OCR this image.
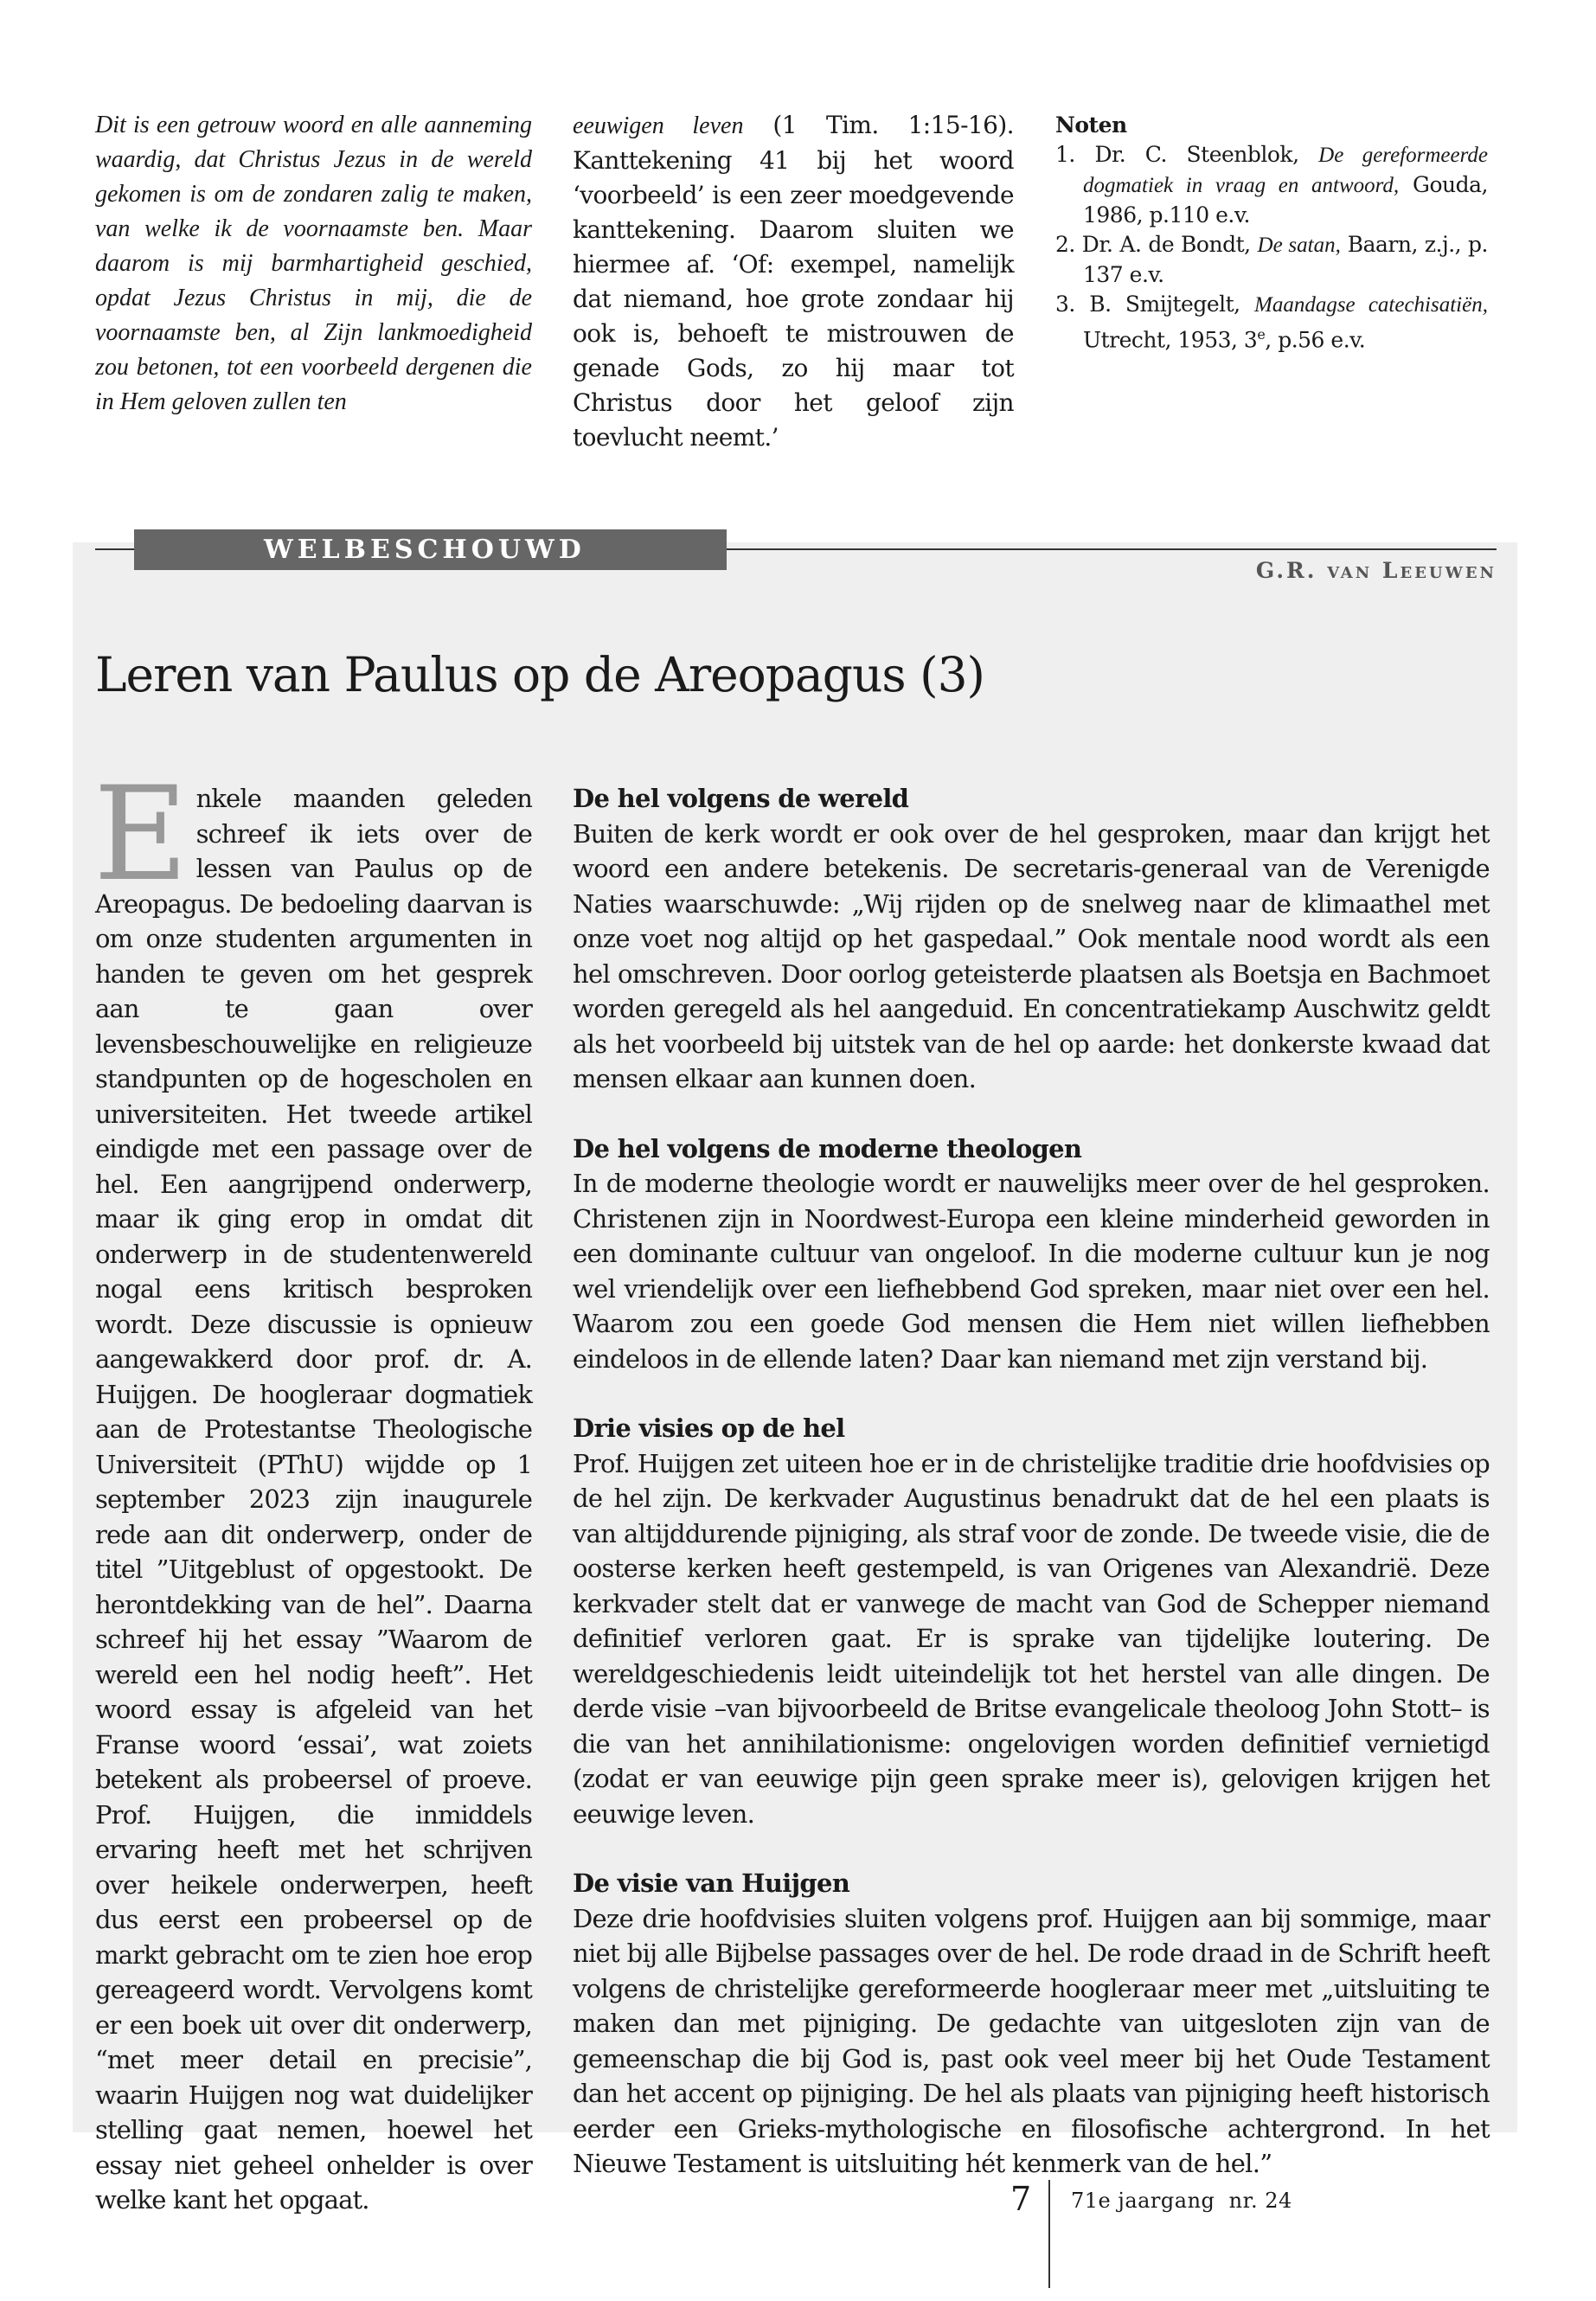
Dit is een getrouw woord en alle aanneming waardig, dat Christus Jezus in de wereld gekomen is om de zondaren zalig te maken, van welke ik de voornaamste ben. Maar daarom is mij barmhartigheid geschied, opdat Jezus Christus in mij, die de voornaamste ben, al Zijn lankmoedigheid zou betonen, tot een voorbeeld dergenen die in Hem geloven zullen ten
eeuwigen leven (1 Tim. 1:15-16). Kanttekening 41 bij het woord ‘voorbeeld’ is een zeer moedgevende kanttekening. Daarom sluiten we hiermee af. ‘Of: exempel, namelijk dat niemand, hoe grote zondaar hij ook is, behoeft te mistrouwen de genade Gods, zo hij maar tot Christus door het geloof zijn toevlucht neemt.’
Noten
1. Dr. C. Steenblok, De gereformeerde dogmatiek in vraag en antwoord, Gouda, 1986, p.110 e.v.
2. Dr. A. de Bondt, De satan, Baarn, z.j., p. 137 e.v.
3. B. Smijtegelt, Maandagse catechisatiën, Utrecht, 1953, 3e, p.56 e.v.
WELBESCHOUWD
G.R. van Leeuwen
Leren van Paulus op de Areopagus (3)
Enkele maanden geleden schreef ik iets over de lessen van Paulus op de Areopagus. De bedoeling daarvan is om onze studenten argumenten in handen te geven om het gesprek aan te gaan over levensbeschouwelijke en religieuze standpunten op de hogescholen en universiteiten. Het tweede artikel eindigde met een passage over de hel. Een aangrijpend onderwerp, maar ik ging erop in omdat dit onderwerp in de studentenwereld nogal eens kritisch besproken wordt. Deze discussie is opnieuw aangewakkerd door prof. dr. A. Huijgen. De hoogleraar dogmatiek aan de Protestantse Theologische Universiteit (PThU) wijdde op 1 september 2023 zijn inaugurele rede aan dit onderwerp, onder de titel ”Uitgeblust of opgestookt. De herontdekking van de hel”. Daarna schreef hij het essay ”Waarom de wereld een hel nodig heeft”. Het woord essay is afgeleid van het Franse woord ‘essai’, wat zoiets betekent als probeersel of proeve. Prof. Huijgen, die inmiddels ervaring heeft met het schrijven over heikele onderwerpen, heeft dus eerst een probeersel op de markt gebracht om te zien hoe erop gereageerd wordt. Vervolgens komt er een boek uit over dit onderwerp, “met meer detail en precisie”, waarin Huijgen nog wat duidelijker stelling gaat nemen, hoewel het essay niet geheel onhelder is over welke kant het opgaat.
De hel volgens de wereld

Buiten de kerk wordt er ook over de hel gesproken, maar dan krijgt het woord een andere betekenis. De secretaris-generaal van de Verenigde Naties waarschuwde: „Wij rijden op de snelweg naar de klimaathel met onze voet nog altijd op het gaspedaal.” Ook mentale nood wordt als een hel omschreven. Door oorlog geteisterde plaatsen als Boetsja en Bachmoet worden geregeld als hel aangeduid. En concentratiekamp Auschwitz geldt als het voorbeeld bij uitstek van de hel op aarde: het donkerste kwaad dat mensen elkaar aan kunnen doen.

De hel volgens de moderne theologen

In de moderne theologie wordt er nauwelijks meer over de hel gesproken. Christenen zijn in Noordwest-Europa een kleine minderheid geworden in een dominante cultuur van ongeloof. In die moderne cultuur kun je nog wel vriendelijk over een liefhebbend God spreken, maar niet over een hel. Waarom zou een goede God mensen die Hem niet willen liefhebben eindeloos in de ellende laten? Daar kan niemand met zijn verstand bij.

Drie visies op de hel

Prof. Huijgen zet uiteen hoe er in de christelijke traditie drie hoofdvisies op de hel zijn. De kerkvader Augustinus benadrukt dat de hel een plaats is van altijddurende pijniging, als straf voor de zonde. De tweede visie, die de oosterse kerken heeft gestempeld, is van Origenes van Alexandrië. Deze kerkvader stelt dat er vanwege de macht van God de Schepper niemand definitief verloren gaat. Er is sprake van tijdelijke loutering. De wereldgeschiedenis leidt uiteindelijk tot het herstel van alle dingen. De derde visie –van bijvoorbeeld de Britse evangelicale theoloog John Stott– is die van het annihilationisme: ongelovigen worden definitief vernietigd (zodat er van eeuwige pijn geen sprake meer is), gelovigen krijgen het eeuwige leven.

De visie van Huijgen

Deze drie hoofdvisies sluiten volgens prof. Huijgen aan bij sommige, maar niet bij alle Bijbelse passages over de hel. De rode draad in de Schrift heeft volgens de christelijke gereformeerde hoogleraar meer met „uitsluiting te maken dan met pijniging. De gedachte van uitgesloten zijn van de gemeenschap die bij God is, past ook veel meer bij het Oude Testament dan het accent op pijniging. De hel als plaats van pijniging heeft historisch eerder een Grieks-mythologische en filosofische achtergrond. In het Nieuwe Testament is uitsluiting hét kenmerk van de hel.”

7 71e jaargang  nr. 24
